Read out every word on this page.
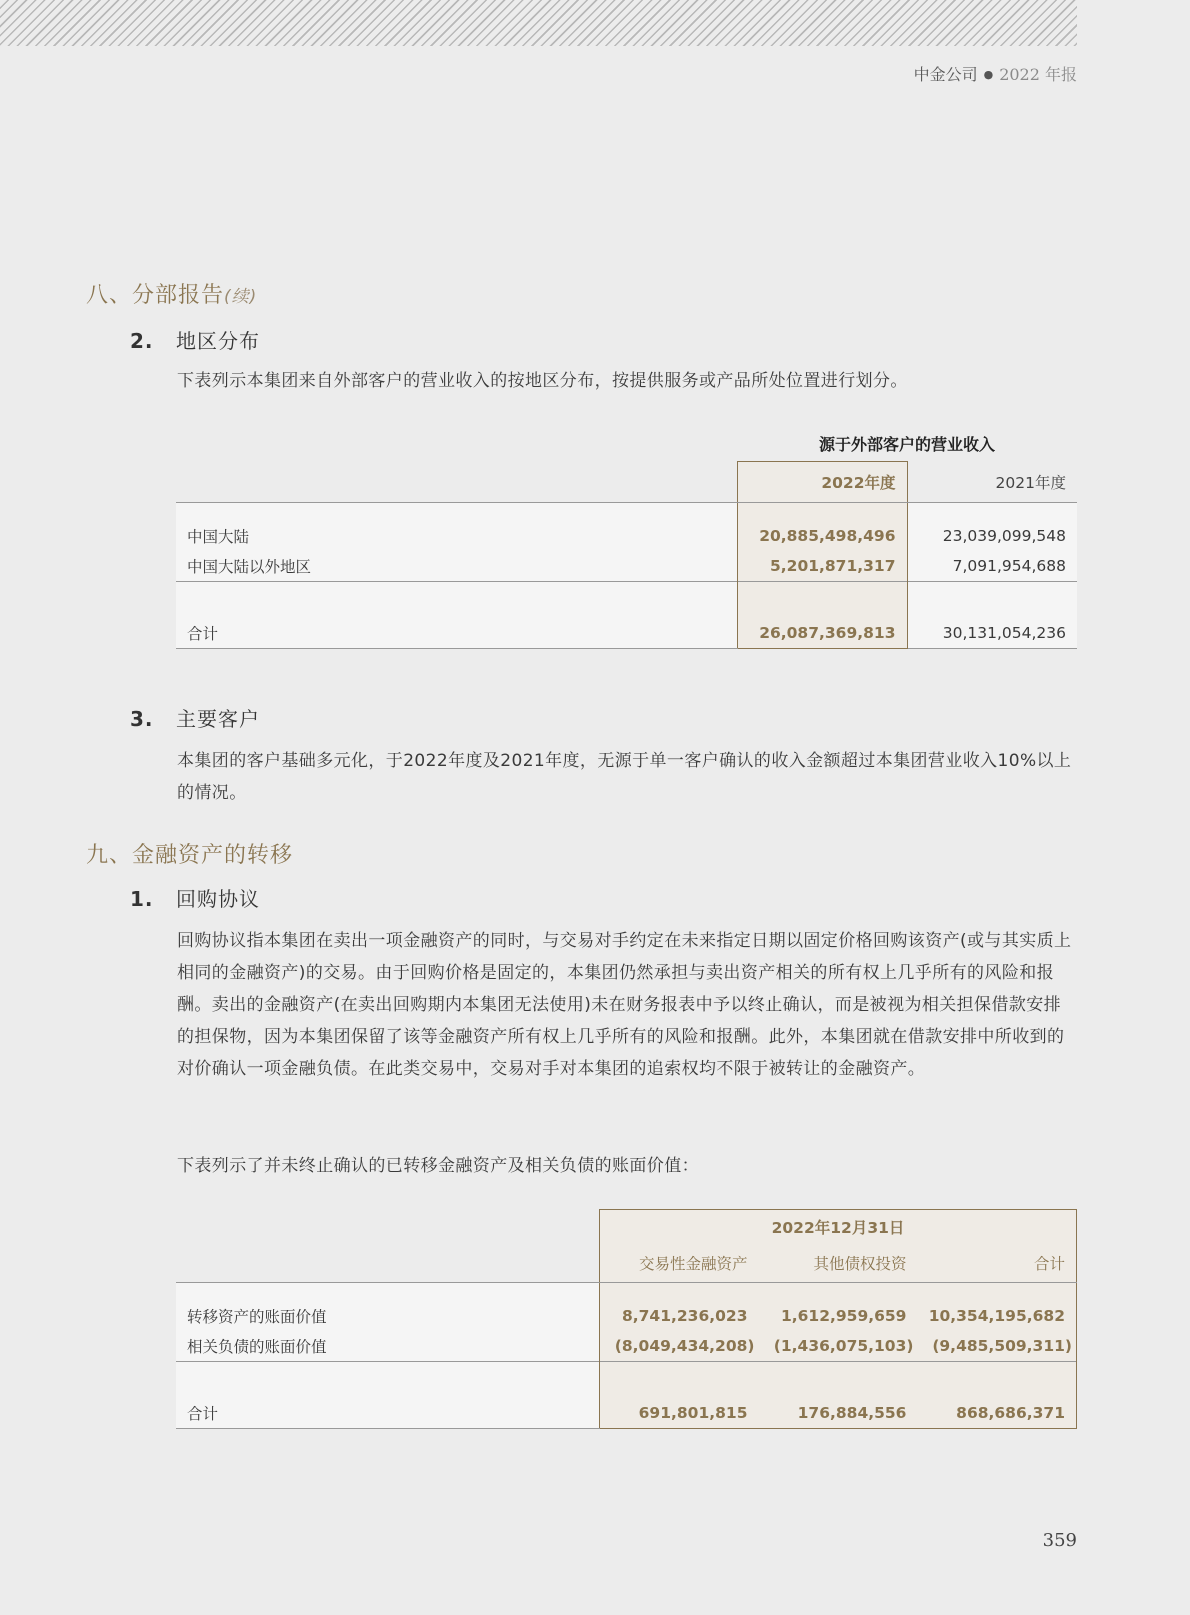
中金公司 ● 2022 年报
八、分部报告(续)
2. 地区分布
下表列示本集团来自外部客户的营业收入的按地区分布，按提供服务或产品所处位置进行划分。
	源于外部客户的营业收入	
	2022年度	2021年度

中国大陆	20,885,498,496	23,039,099,548
中国大陆以外地区	5,201,871,317	7,091,954,688

合计	26,087,369,813	30,131,054,236
3. 主要客户
本集团的客户基础多元化，于2022年度及2021年度，无源于单一客户确认的收入金额超过本集团营业收入10%以上的情况。
九、金融资产的转移
1. 回购协议
回购协议指本集团在卖出一项金融资产的同时，与交易对手约定在未来指定日期以固定价格回购该资产(或与其实质上相同的金融资产)的交易。由于回购价格是固定的，本集团仍然承担与卖出资产相关的所有权上几乎所有的风险和报酬。卖出的金融资产(在卖出回购期内本集团无法使用)未在财务报表中予以终止确认，而是被视为相关担保借款安排的担保物，因为本集团保留了该等金融资产所有权上几乎所有的风险和报酬。此外，本集团就在借款安排中所收到的对价确认一项金融负债。在此类交易中，交易对手对本集团的追索权均不限于被转让的金融资产。
下表列示了并未终止确认的已转移金融资产及相关负债的账面价值：
	2022年12月31日		
	交易性金融资产	其他债权投资	合计

转移资产的账面价值	8,741,236,023	1,612,959,659	10,354,195,682
相关负债的账面价值	(8,049,434,208)	(1,436,075,103)	(9,485,509,311)

合计	691,801,815	176,884,556	868,686,371
359
